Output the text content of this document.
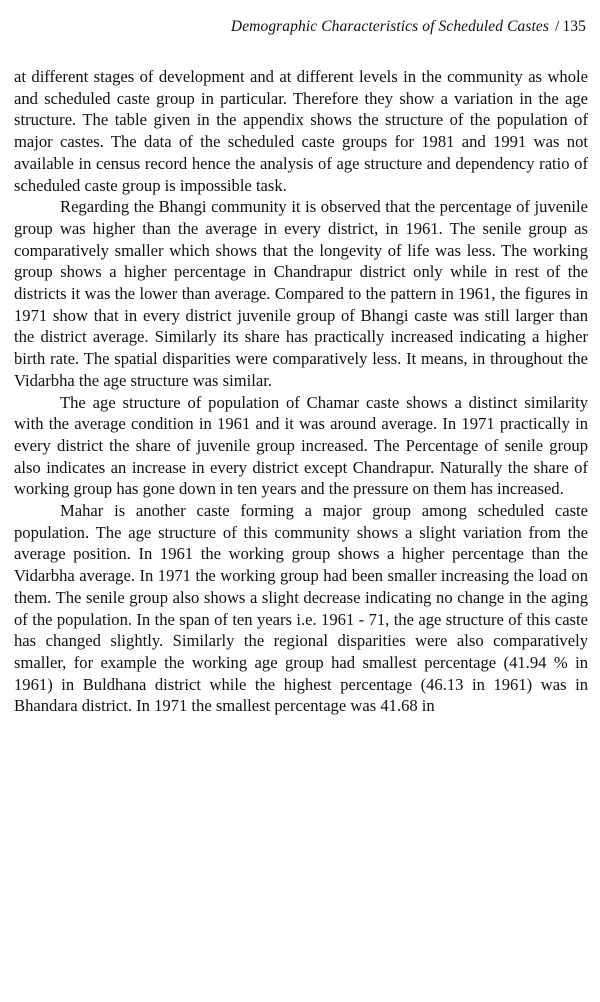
Demographic Characteristics of Scheduled Castes / 135

at different stages of development and at different levels in the community as whole and scheduled caste group in particular. Therefore they show a variation in the age structure. The table given in the appendix shows the structure of the population of major castes. The data of the scheduled caste groups for 1981 and 1991 was not available in census record hence the analysis of age structure and dependency ratio of scheduled caste group is impossible task.

Regarding the Bhangi community it is observed that the percentage of juvenile group was higher than the average in every district, in 1961. The senile group as comparatively smaller which shows that the longevity of life was less. The working group shows a higher percentage in Chandrapur district only while in rest of the districts it was the lower than average. Compared to the pattern in 1961, the figures in 1971 show that in every district juvenile group of Bhangi caste was still larger than the district average. Similarly its share has practically increased indicating a higher birth rate. The spatial disparities were comparatively less. It means, in throughout the Vidarbha the age structure was similar.

The age structure of population of Chamar caste shows a distinct similarity with the average condition in 1961 and it was around average. In 1971 practically in every district the share of juvenile group increased. The Percentage of senile group also indicates an increase in every district except Chandrapur. Naturally the share of working group has gone down in ten years and the pressure on them has increased.

Mahar is another caste forming a major group among scheduled caste population. The age structure of this community shows a slight variation from the average position. In 1961 the working group shows a higher percentage than the Vidarbha average. In 1971 the working group had been smaller increasing the load on them. The senile group also shows a slight decrease indicating no change in the aging of the population. In the span of ten years i.e. 1961 - 71, the age structure of this caste has changed slightly. Similarly the regional disparities were also comparatively smaller, for example the working age group had smallest percentage (41.94 % in 1961) in Buldhana district while the highest percentage (46.13 in 1961) was in Bhandara district. In 1971 the smallest percentage was 41.68 in
